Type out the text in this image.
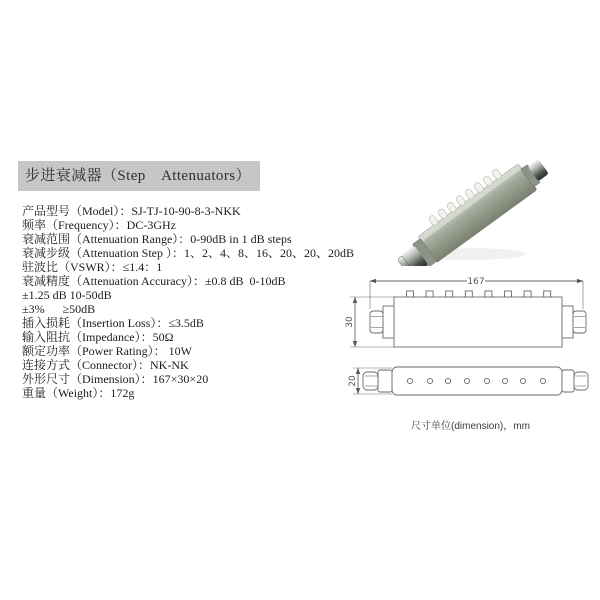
步进衰减器（Step　Attenuators）
产品型号（Model）：SJ-TJ-10-90-8-3-NKK
频率（Frequency）：DC-3GHz
衰减范围（Attenuation Range）：0-90dB in 1 dB steps
衰减步级（Attenuation Step ）：1、2、4、8、16、20、20、20dB
驻波比（VSWR）：≤1.4：1
衰减精度（Attenuation Accuracy）：±0.8 dB  0-10dB
±1.25 dB 10-50dB
±3%      ≥50dB
插入损耗（Insertion Loss）：≤3.5dB
输入阻抗（Impedance）：50Ω
额定功率（Power Rating）： 10W
连接方式（Connector）：NK-NK
外形尺寸（Dimension）：167×30×20
重量（Weight）：172g
167
30
20
尺寸单位(dimension)，mm
